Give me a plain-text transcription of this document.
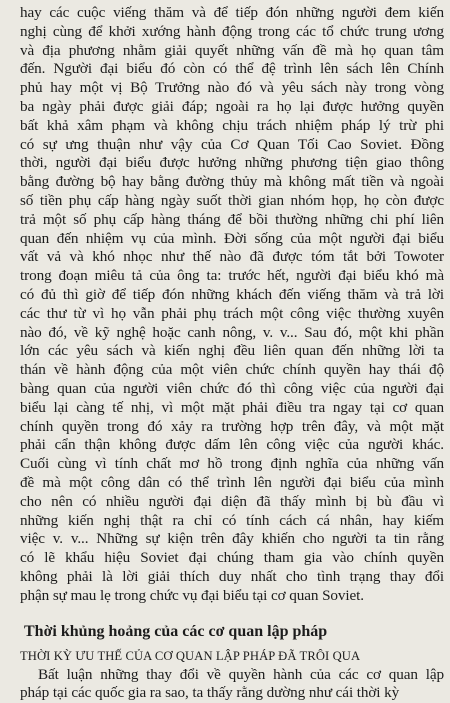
hay các cuộc viếng thăm và để tiếp đón những người đem kiến
nghị cùng để khởi xướng hành động trong các tổ chức trung ương
và địa phương nhằm giải quyết những vấn đề mà họ quan tâm
đến. Người đại biểu đó còn có thể đệ trình lên sách lên Chính
phủ hay một vị Bộ Trưởng nào đó và yêu sách này trong vòng
ba ngày phải được giải đáp; ngoài ra họ lại được hưởng quyền
bất khả xâm phạm và không chịu trách nhiệm pháp lý trừ phi
có sự ưng thuận như vậy của Cơ Quan Tối Cao Soviet. Đồng
thời, người đại biểu được hưởng những phương tiện giao thông
bằng đường bộ hay bằng đường thủy mà không mất tiền và ngoài
số tiền phụ cấp hàng ngày suốt thời gian nhóm họp, họ còn được
trả một số phụ cấp hàng tháng để bồi thường những chi phí liên
quan đến nhiệm vụ của mình. Đời sống của một người đại biểu
vất vả và khó nhọc như thế nào đã được tóm tắt bởi Towoter
trong đoạn miêu tả của ông ta: trước hết, người đại biểu khó mà
có đủ thì giờ để tiếp đón những khách đến viếng thăm và trả lời
các thư từ vì họ vẫn phải phụ trách một công việc thường xuyên
nào đó, về kỹ nghệ hoặc canh nông, v. v... Sau đó, một khi phần
lớn các yêu sách và kiến nghị đều liên quan đến những lời ta
thán về hành động của một viên chức chính quyền hay thái độ
bàng quan của người viên chức đó thì công việc của người đại
biểu lại càng tế nhị, vì một mặt phải điều tra ngay tại cơ quan
chính quyền trong đó xảy ra trường hợp trên đây, và một mặt
phải cẩn thận không được dấm lên công việc của người khác.
Cuối cùng vì tính chất mơ hồ trong định nghĩa của những vấn
đề mà một công dân có thể trình lên người đại biểu của mình
cho nên có nhiều người đại diện đã thấy mình bị bù đầu vì
những kiến nghị thật ra chỉ có tính cách cá nhân, hay kiếm
việc v. v... Những sự kiện trên đây khiến cho người ta tin rằng
có lẽ khẩu hiệu Soviet đại chúng tham gia vào chính quyền
không phải là lời giải thích duy nhất cho tình trạng thay đổi
phận sự mau lẹ trong chức vụ đại biểu tại cơ quan Soviet.
Thời khủng hoảng của các cơ quan lập pháp
THỜI KỲ ƯU THẾ CỦA CƠ QUAN LẬP PHÁP ĐÃ TRÔI QUA
Bất luận những thay đổi về quyền hành của các cơ quan lập
pháp tại các quốc gia ra sao, ta thấy rằng dường như cái thời kỳ
